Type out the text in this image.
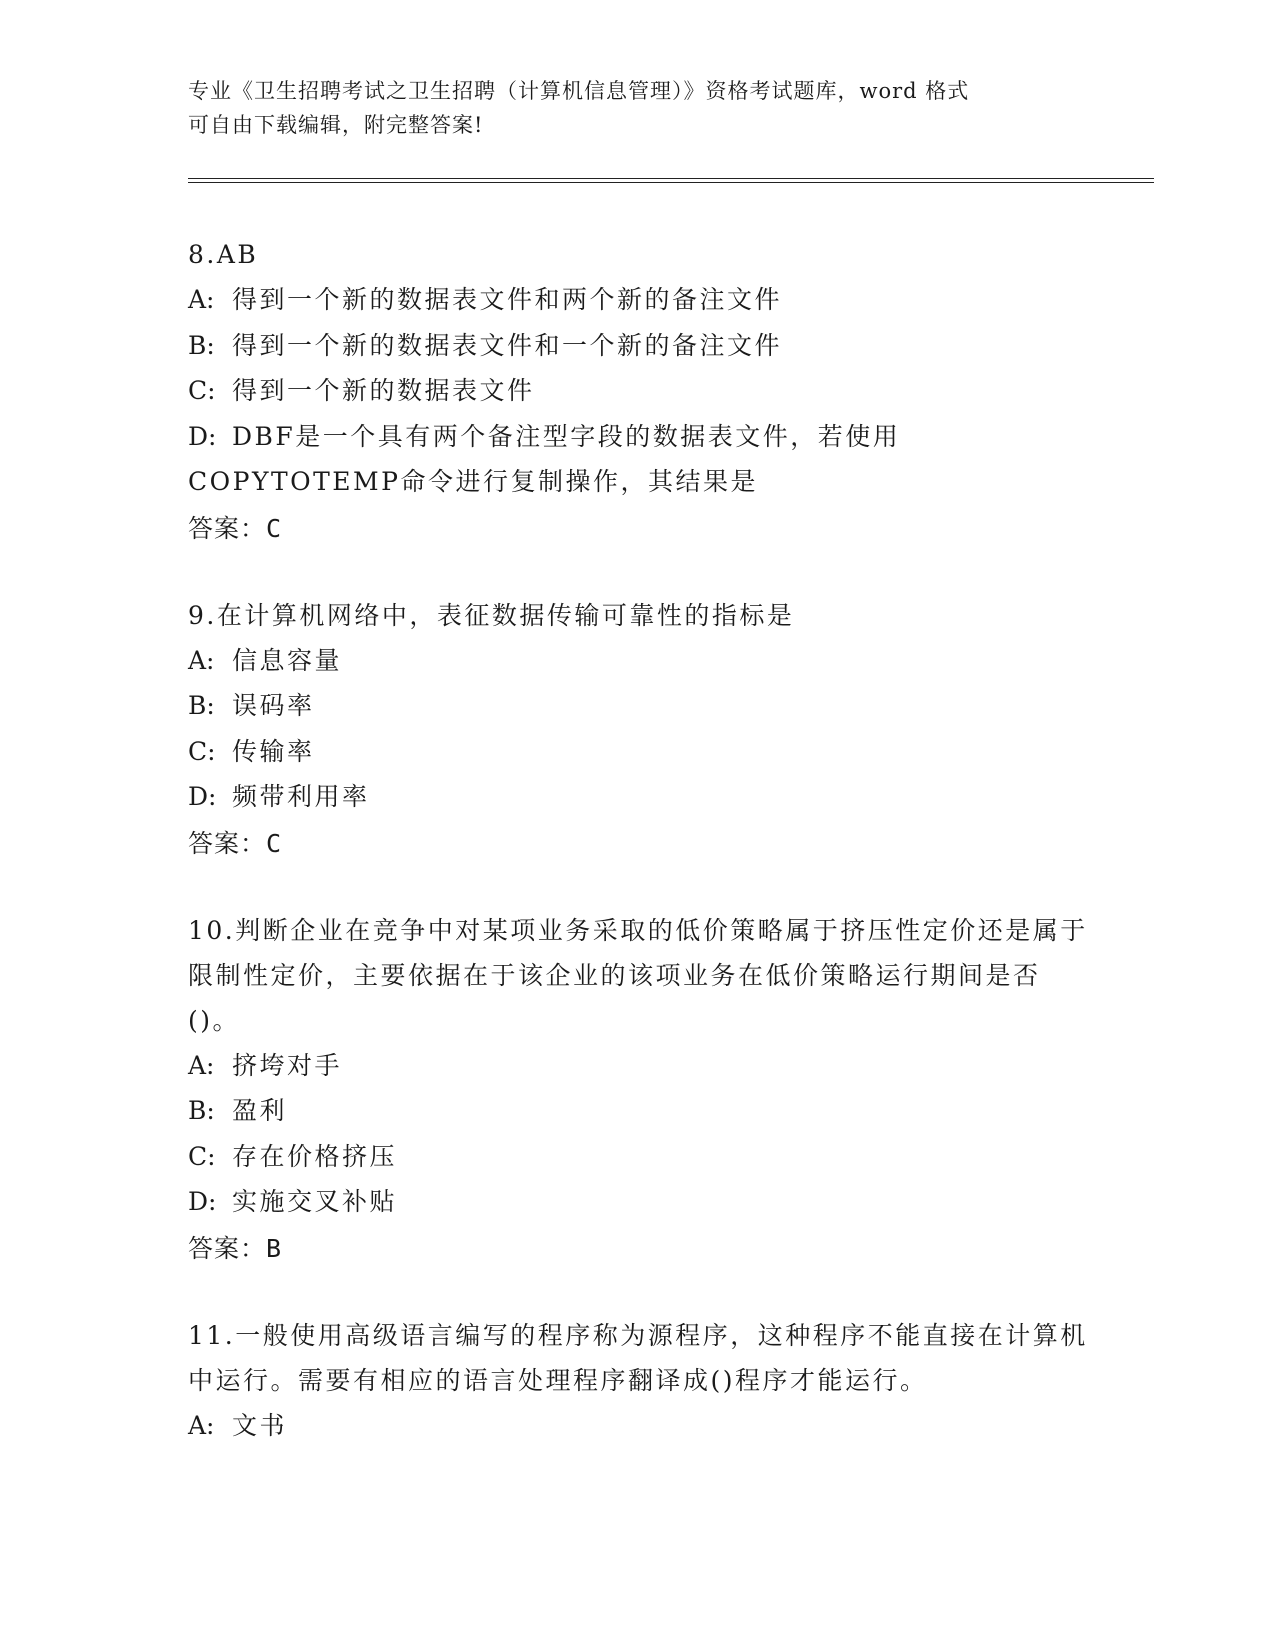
专业《卫生招聘考试之卫生招聘（计算机信息管理）》资格考试题库，word 格式
可自由下载编辑，附完整答案!

8.AB

A: 得到一个新的数据表文件和两个新的备注文件

B: 得到一个新的数据表文件和一个新的备注文件

C: 得到一个新的数据表文件

D: DBF是一个具有两个备注型字段的数据表文件，若使用COPYTOTEMP命令进行复制操作，其结果是

答案：C

9.在计算机网络中，表征数据传输可靠性的指标是

A: 信息容量

B: 误码率

C: 传输率

D: 频带利用率

答案：C

10.判断企业在竞争中对某项业务采取的低价策略属于挤压性定价还是属于限制性定价，主要依据在于该企业的该项业务在低价策略运行期间是否()。

A: 挤垮对手

B: 盈利

C: 存在价格挤压

D: 实施交叉补贴

答案：B

11.一般使用高级语言编写的程序称为源程序，这种程序不能直接在计算机中运行。需要有相应的语言处理程序翻译成()程序才能运行。

A: 文书
